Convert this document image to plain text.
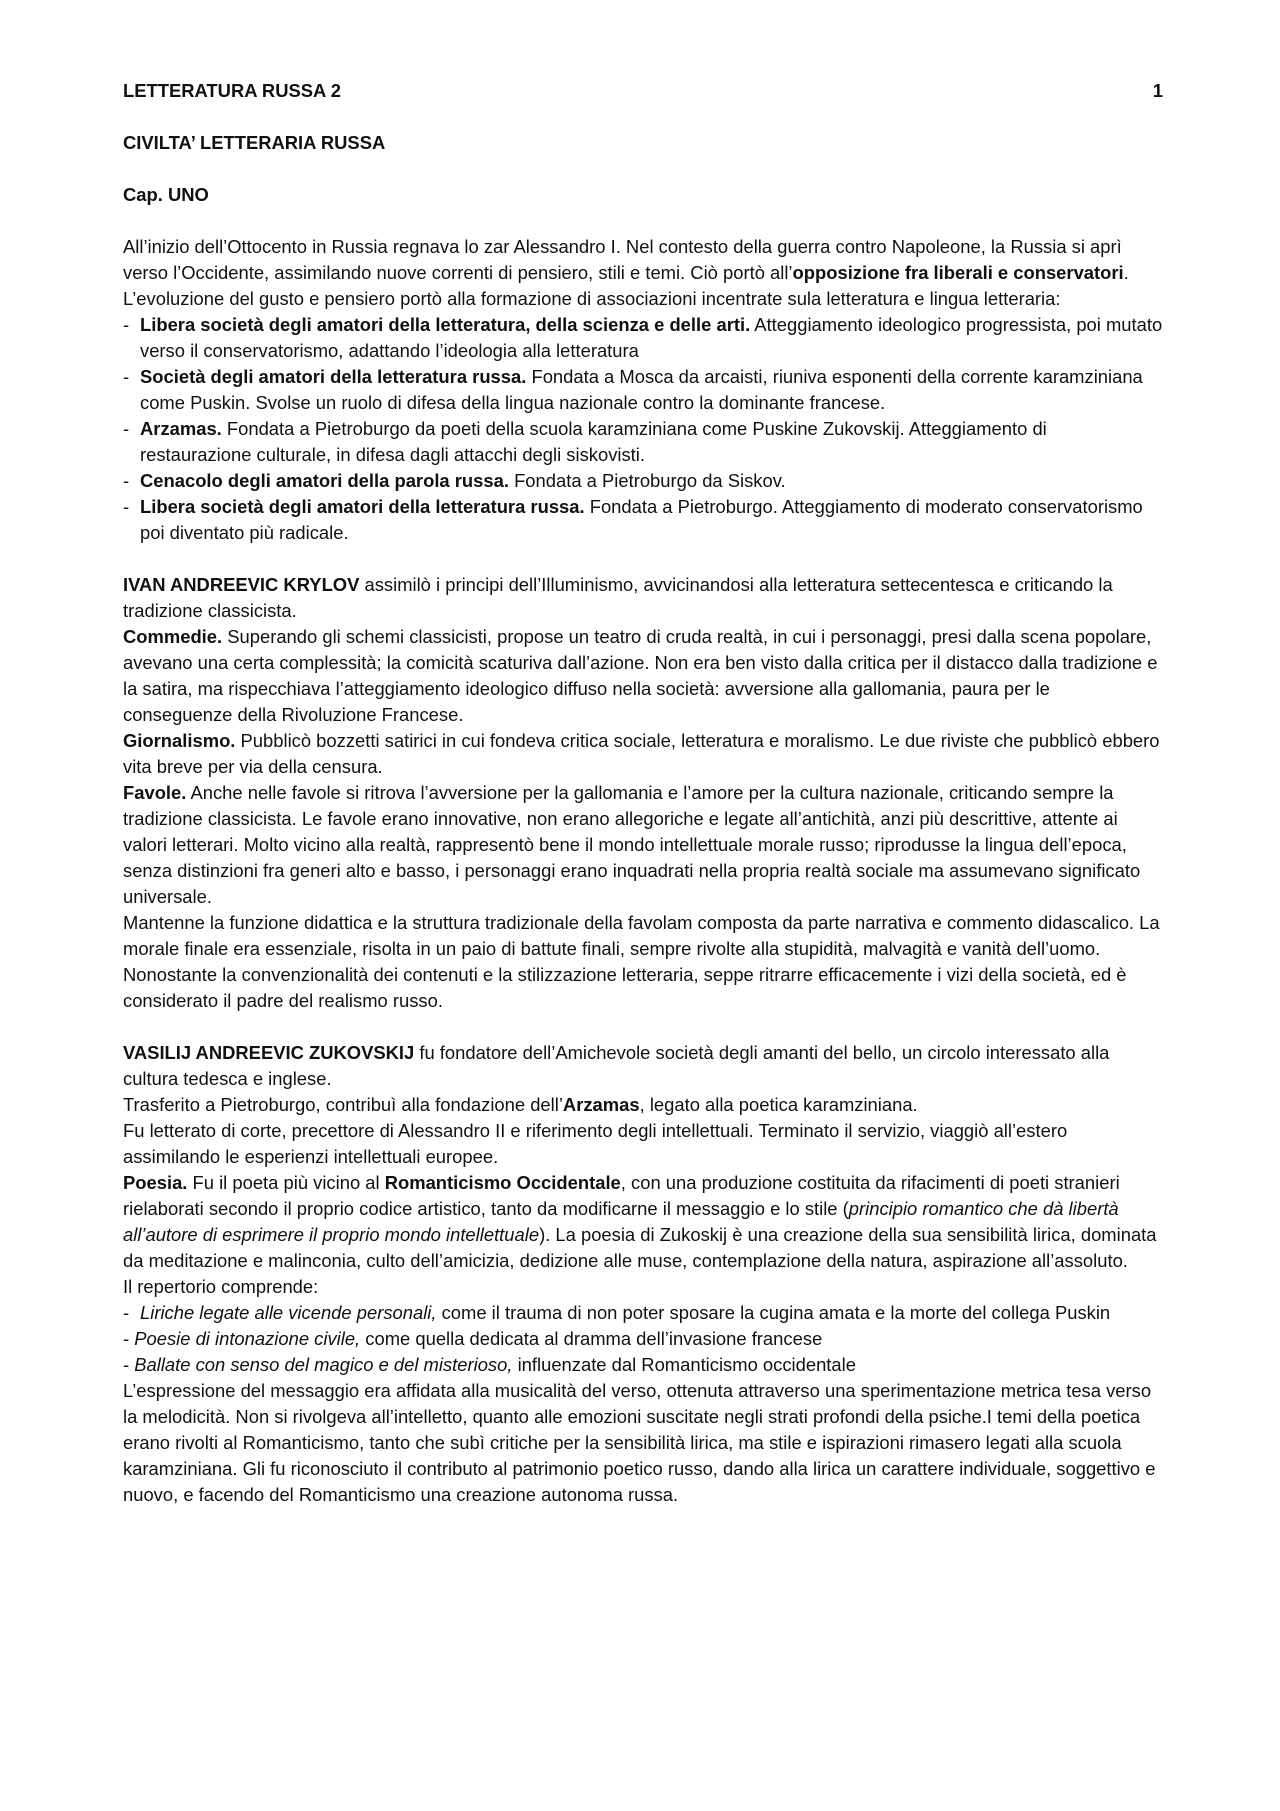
LETTERATURA RUSSA 2	1
CIVILTA’ LETTERARIA RUSSA
Cap. UNO

All’inizio dell’Ottocento in Russia regnava lo zar Alessandro I. Nel contesto della guerra contro Napoleone, la Russia si aprì verso l’Occidente, assimilando nuove correnti di pensiero, stili e temi. Ciò portò all’opposizione fra liberali e conservatori.

L’evoluzione del gusto e pensiero portò alla formazione di associazioni incentrate sula letteratura e lingua letteraria:

- Libera società degli amatori della letteratura, della scienza e delle arti. Atteggiamento ideologico progressista, poi mutato verso il conservatorismo, adattando l’ideologia alla letteratura
- Società degli amatori della letteratura russa. Fondata a Mosca da arcaisti, riuniva esponenti della corrente karamziniana come Puskin. Svolse un ruolo di difesa della lingua nazionale contro la dominante francese.
- Arzamas. Fondata a Pietroburgo da poeti della scuola karamziniana come Puskine Zukovskij. Atteggiamento di restaurazione culturale, in difesa dagli attacchi degli siskovisti.
- Cenacolo degli amatori della parola russa. Fondata a Pietroburgo da Siskov.
- Libera società degli amatori della letteratura russa. Fondata a Pietroburgo. Atteggiamento di moderato conservatorismo poi diventato più radicale.

IVAN ANDREEVIC KRYLOV assimilò i principi dell’Illuminismo, avvicinandosi alla letteratura settecentesca e criticando la tradizione classicista.

Commedie. Superando gli schemi classicisti, propose un teatro di cruda realtà, in cui i personaggi, presi dalla scena popolare, avevano una certa complessità; la comicità scaturiva dall’azione. Non era ben visto dalla critica per il distacco dalla tradizione e la satira, ma rispecchiava l’atteggiamento ideologico diffuso nella società: avversione alla gallomania, paura per le conseguenze della Rivoluzione Francese.

Giornalismo. Pubblicò bozzetti satirici in cui fondeva critica sociale, letteratura e moralismo. Le due riviste che pubblicò ebbero vita breve per via della censura.

Favole. Anche nelle favole si ritrova l’avversione per la gallomania e l’amore per la cultura nazionale, criticando sempre la tradizione classicista. Le favole erano innovative, non erano allegoriche e legate all’antichità, anzi più descrittive, attente ai valori letterari. Molto vicino alla realtà, rappresentò bene il mondo intellettuale morale russo; riprodusse la lingua dell’epoca, senza distinzioni fra generi alto e basso, i personaggi erano inquadrati nella propria realtà sociale ma assumevano significato universale.

Mantenne la funzione didattica e la struttura tradizionale della favolam composta da parte narrativa e commento didascalico. La morale finale era essenziale, risolta in un paio di battute finali, sempre rivolte alla stupidità, malvagità e vanità dell’uomo.

Nonostante la convenzionalità dei contenuti e la stilizzazione letteraria, seppe ritrarre efficacemente i vizi della società, ed è considerato il padre del realismo russo.

VASILIJ ANDREEVIC ZUKOVSKIJ fu fondatore dell’Amichevole società degli amanti del bello, un circolo interessato alla cultura tedesca e inglese.

Trasferito a Pietroburgo, contribuì alla fondazione dell’Arzamas, legato alla poetica karamziniana.

Fu letterato di corte, precettore di Alessandro II e riferimento degli intellettuali. Terminato il servizio, viaggiò all’estero assimilando le esperienzi intellettuali europee.

Poesia. Fu il poeta più vicino al Romanticismo Occidentale, con una produzione costituita da rifacimenti di poeti stranieri rielaborati secondo il proprio codice artistico, tanto da modificarne il messaggio e lo stile (principio romantico che dà libertà all’autore di esprimere il proprio mondo intellettuale). La poesia di Zukoskij è una creazione della sua sensibilità lirica, dominata da meditazione e malinconia, culto dell’amicizia, dedizione alle muse, contemplazione della natura, aspirazione all’assoluto.

Il repertorio comprende:

- Liriche legate alle vicende personali, come il trauma di non poter sposare la cugina amata e la morte del collega Puskin
- Poesie di intonazione civile, come quella dedicata al dramma dell’invasione francese
- Ballate con senso del magico e del misterioso, influenzate dal Romanticismo occidentale

L’espressione del messaggio era affidata alla musicalità del verso, ottenuta attraverso una sperimentazione metrica tesa verso la melodicità. Non si rivolgeva all’intelletto, quanto alle emozioni suscitate negli strati profondi della psiche.I temi della poetica erano rivolti al Romanticismo, tanto che subì critiche per la sensibilità lirica, ma stile e ispirazioni rimasero legati alla scuola karamziniana. Gli fu riconosciuto il contributo al patrimonio poetico russo, dando alla lirica un carattere individuale, soggettivo e nuovo, e facendo del Romanticismo una creazione autonoma russa.
